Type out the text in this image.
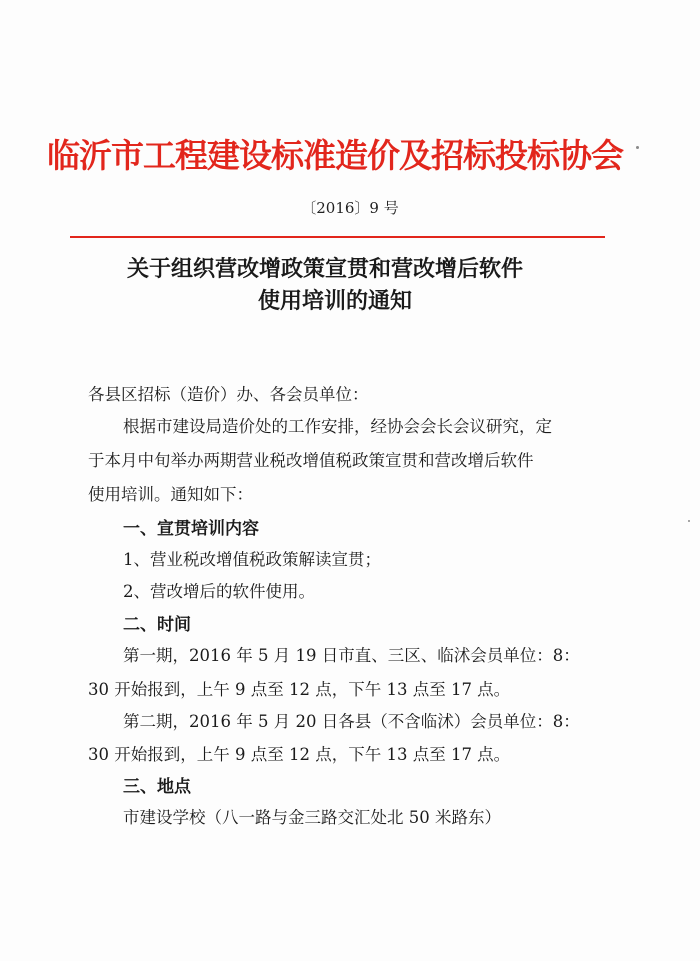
临沂市工程建设标准造价及招标投标协会
〔2016〕9 号
关于组织营改增政策宣贯和营改增后软件
使用培训的通知
各县区招标（造价）办、各会员单位：
根据市建设局造价处的工作安排，经协会会长会议研究，定
于本月中旬举办两期营业税改增值税政策宣贯和营改增后软件
使用培训。通知如下：
一、宣贯培训内容
1、营业税改增值税政策解读宣贯；
2、营改增后的软件使用。
二、时间
第一期，2016 年 5 月 19 日市直、三区、临沭会员单位：8：
30 开始报到，上午 9 点至 12 点，下午 13 点至 17 点。
第二期，2016 年 5 月 20 日各县（不含临沭）会员单位：8：
30 开始报到，上午 9 点至 12 点，下午 13 点至 17 点。
三、地点
市建设学校（八一路与金三路交汇处北 50 米路东）
